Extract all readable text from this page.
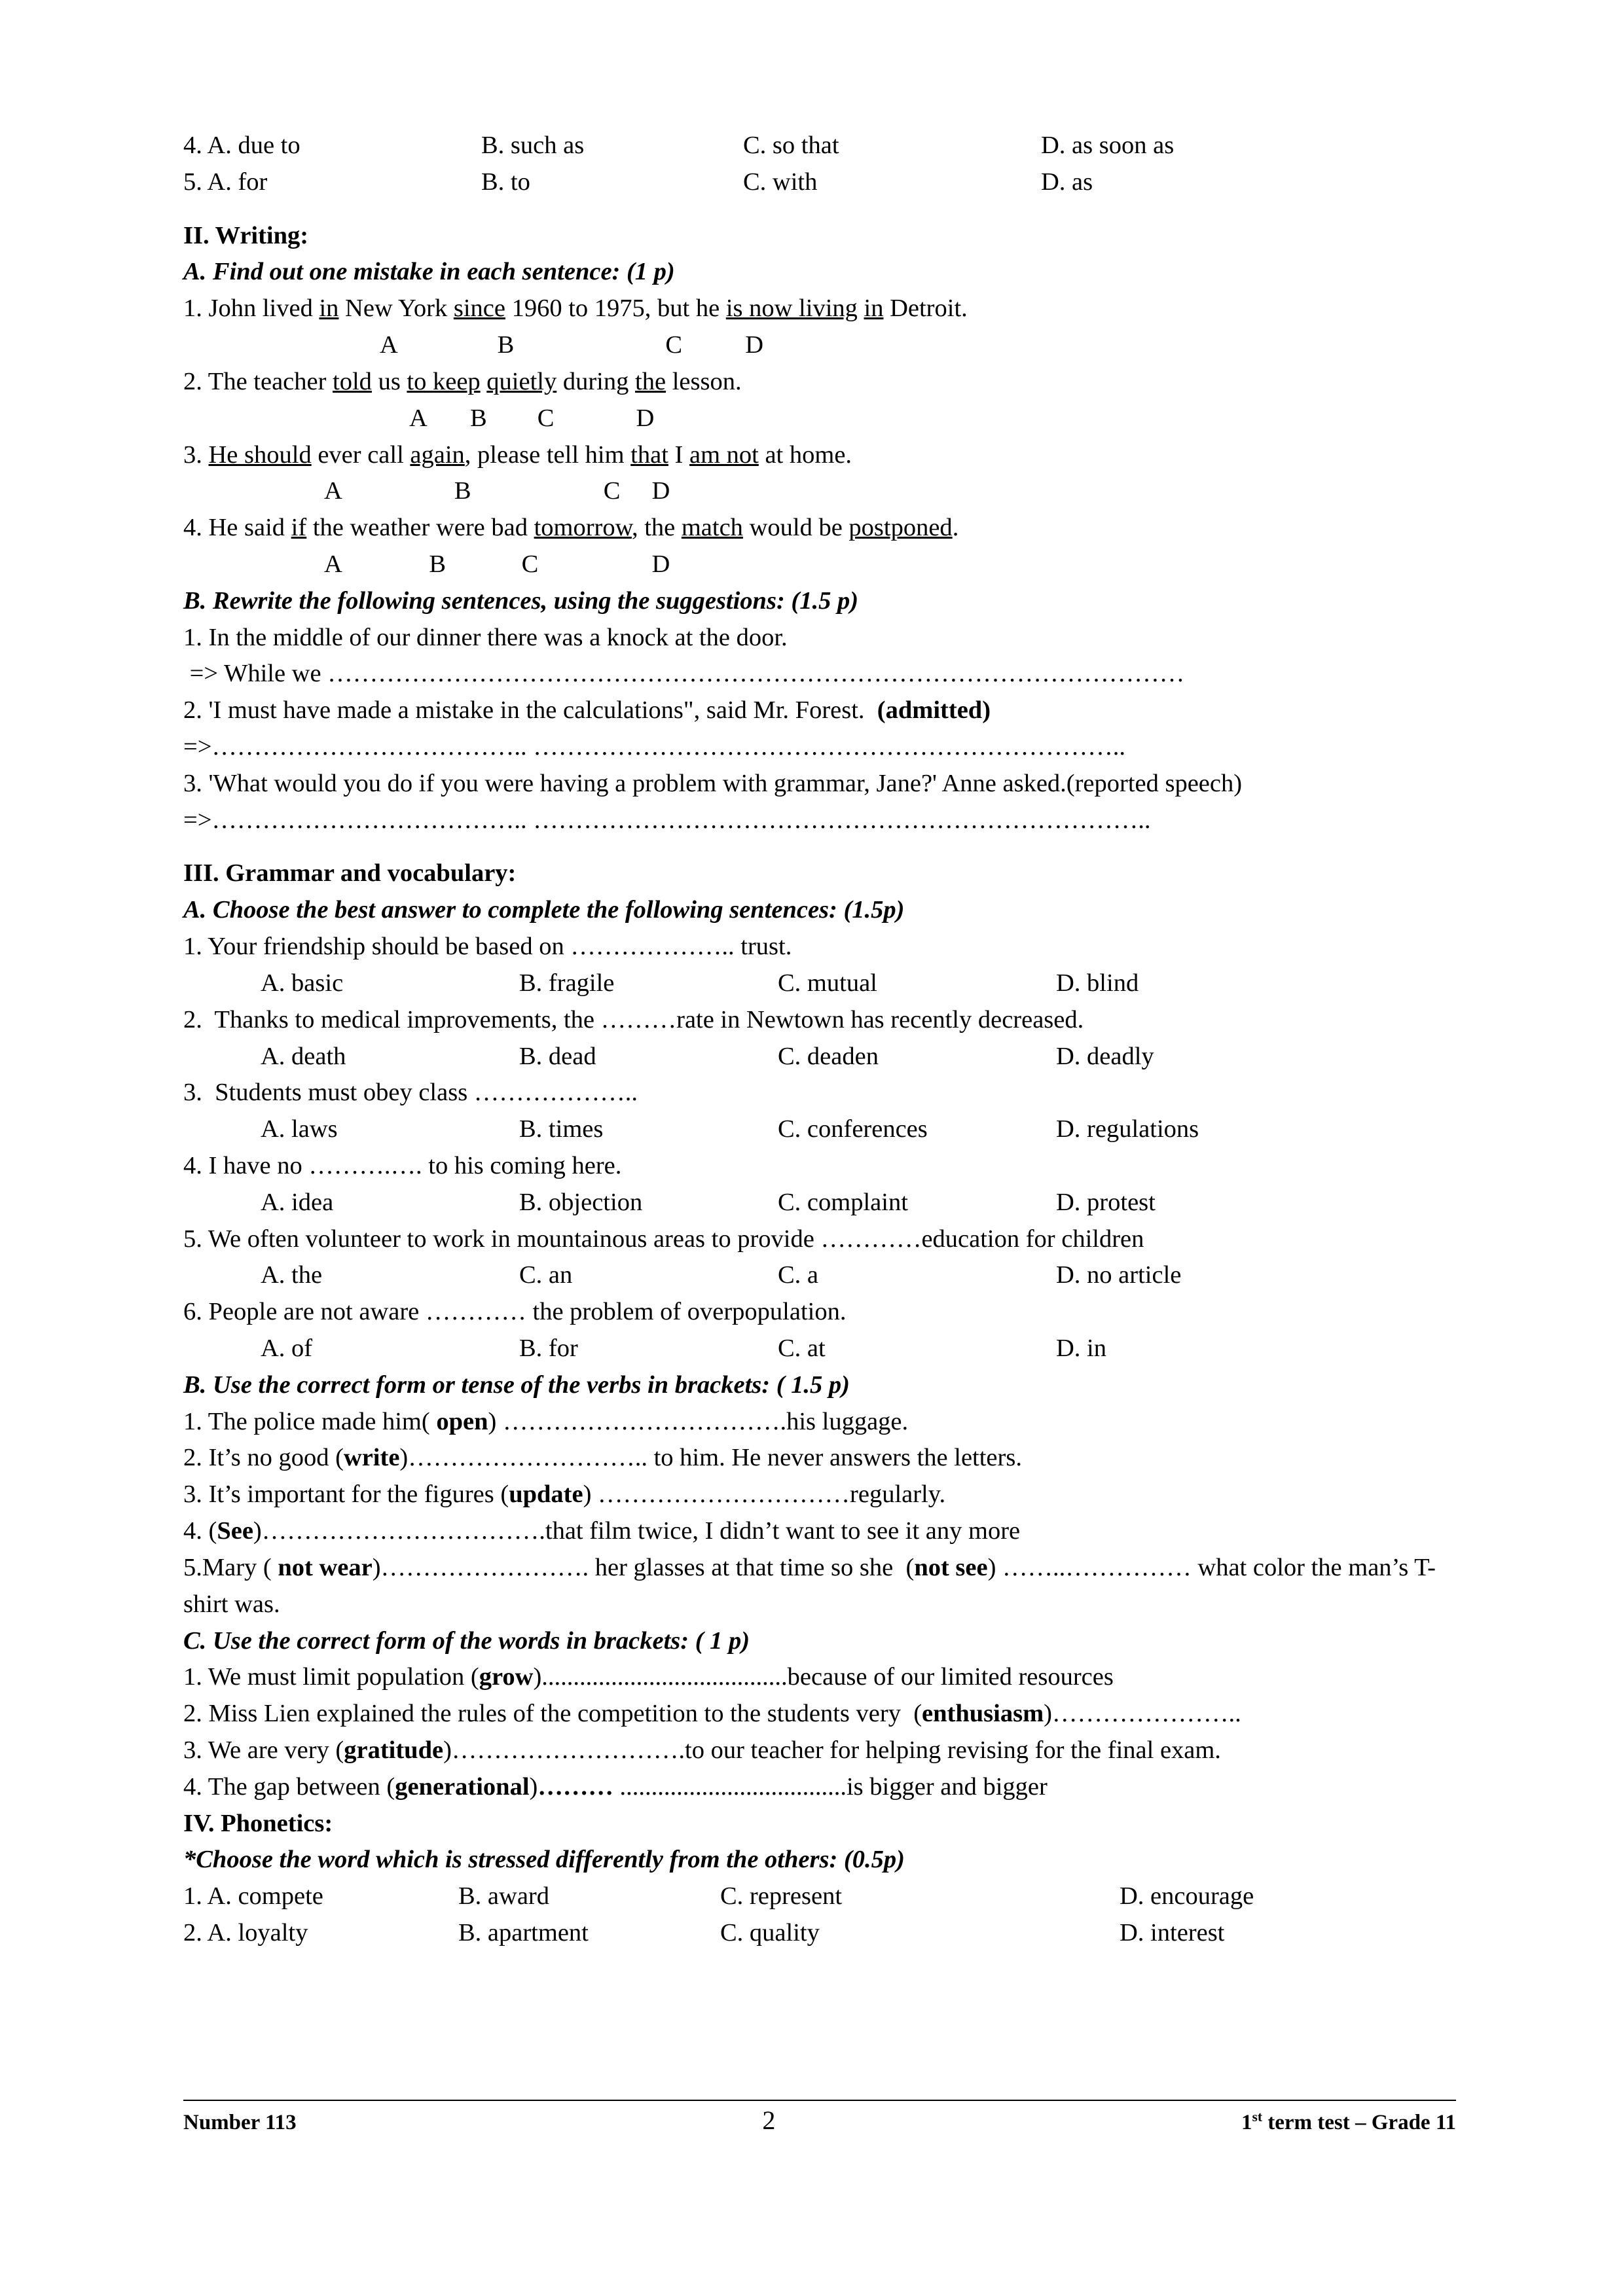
4. A. due to	B. such as	C. so that	D. as soon as
5. A. for	B. to	C. with	D. as
II. Writing:
A. Find out one mistake in each sentence: (1 p)
1. John lived in New York since 1960 to 1975, but he is now living in Detroit.
A                B                        C          D
2. The teacher told us to keep quietly during the lesson.
A       B        C             D
3. He should ever call again, please tell him that I am not at home.
A                  B                     C     D
4. He said if the weather were bad tomorrow, the match would be postponed.
A              B            C                  D
B. Rewrite the following sentences, using the suggestions: (1.5 p)
1. In the middle of our dinner there was a knock at the door.
=> While we …………………………………………………………………………………………
2. 'I must have made a mistake in the calculations", said Mr. Forest.  (admitted)
=>……………………………….. ……………………………………………………………..
3. 'What would you do if you were having a problem with grammar, Jane?' Anne asked.(reported speech)
=>……………………………….. ………………………………………………………………..
III. Grammar and vocabulary:
A. Choose the best answer to complete the following sentences: (1.5p)
1. Your friendship should be based on ……………….. trust.
A. basic	B. fragile	C. mutual	D. blind
2.  Thanks to medical improvements, the ………rate in Newtown has recently decreased.
A. death	B. dead	C. deaden	D. deadly
3.  Students must obey class ………………..
A. laws	B. times	C. conferences	D. regulations
4. I have no ……….…. to his coming here.
A. idea	B. objection	C. complaint	D. protest
5. We often volunteer to work in mountainous areas to provide …………education for children
A. the	C. an	C. a	D. no article
6. People are not aware ………… the problem of overpopulation.
A. of	B. for	C. at	D. in
B. Use the correct form or tense of the verbs in brackets: ( 1.5 p)
1. The police made him( open) …………………………….his luggage.
2. It’s no good (write)……………………….. to him. He never answers the letters.
3. It’s important for the figures (update) …………………………regularly.
4. (See)…………………………….that film twice, I didn’t want to see it any more
5.Mary ( not wear)……………………. her glasses at that time so she  (not see) ……..…………… what color the man’s T-shirt was.
C. Use the correct form of the words in brackets: ( 1 p)
1. We must limit population (grow).......................................because of our limited resources
2. Miss Lien explained the rules of the competition to the students very  (enthusiasm)…………………..
3. We are very (gratitude)……………………….to our teacher for helping revising for the final exam.
4. The gap between (generational)……… ....................................is bigger and bigger
IV. Phonetics:
*Choose the word which is stressed differently from the others: (0.5p)
1. A. compete	B. award	C. represent	D. encourage
2. A. loyalty	B. apartment	C. quality	D. interest
Number 113	2	1st term test – Grade 11
